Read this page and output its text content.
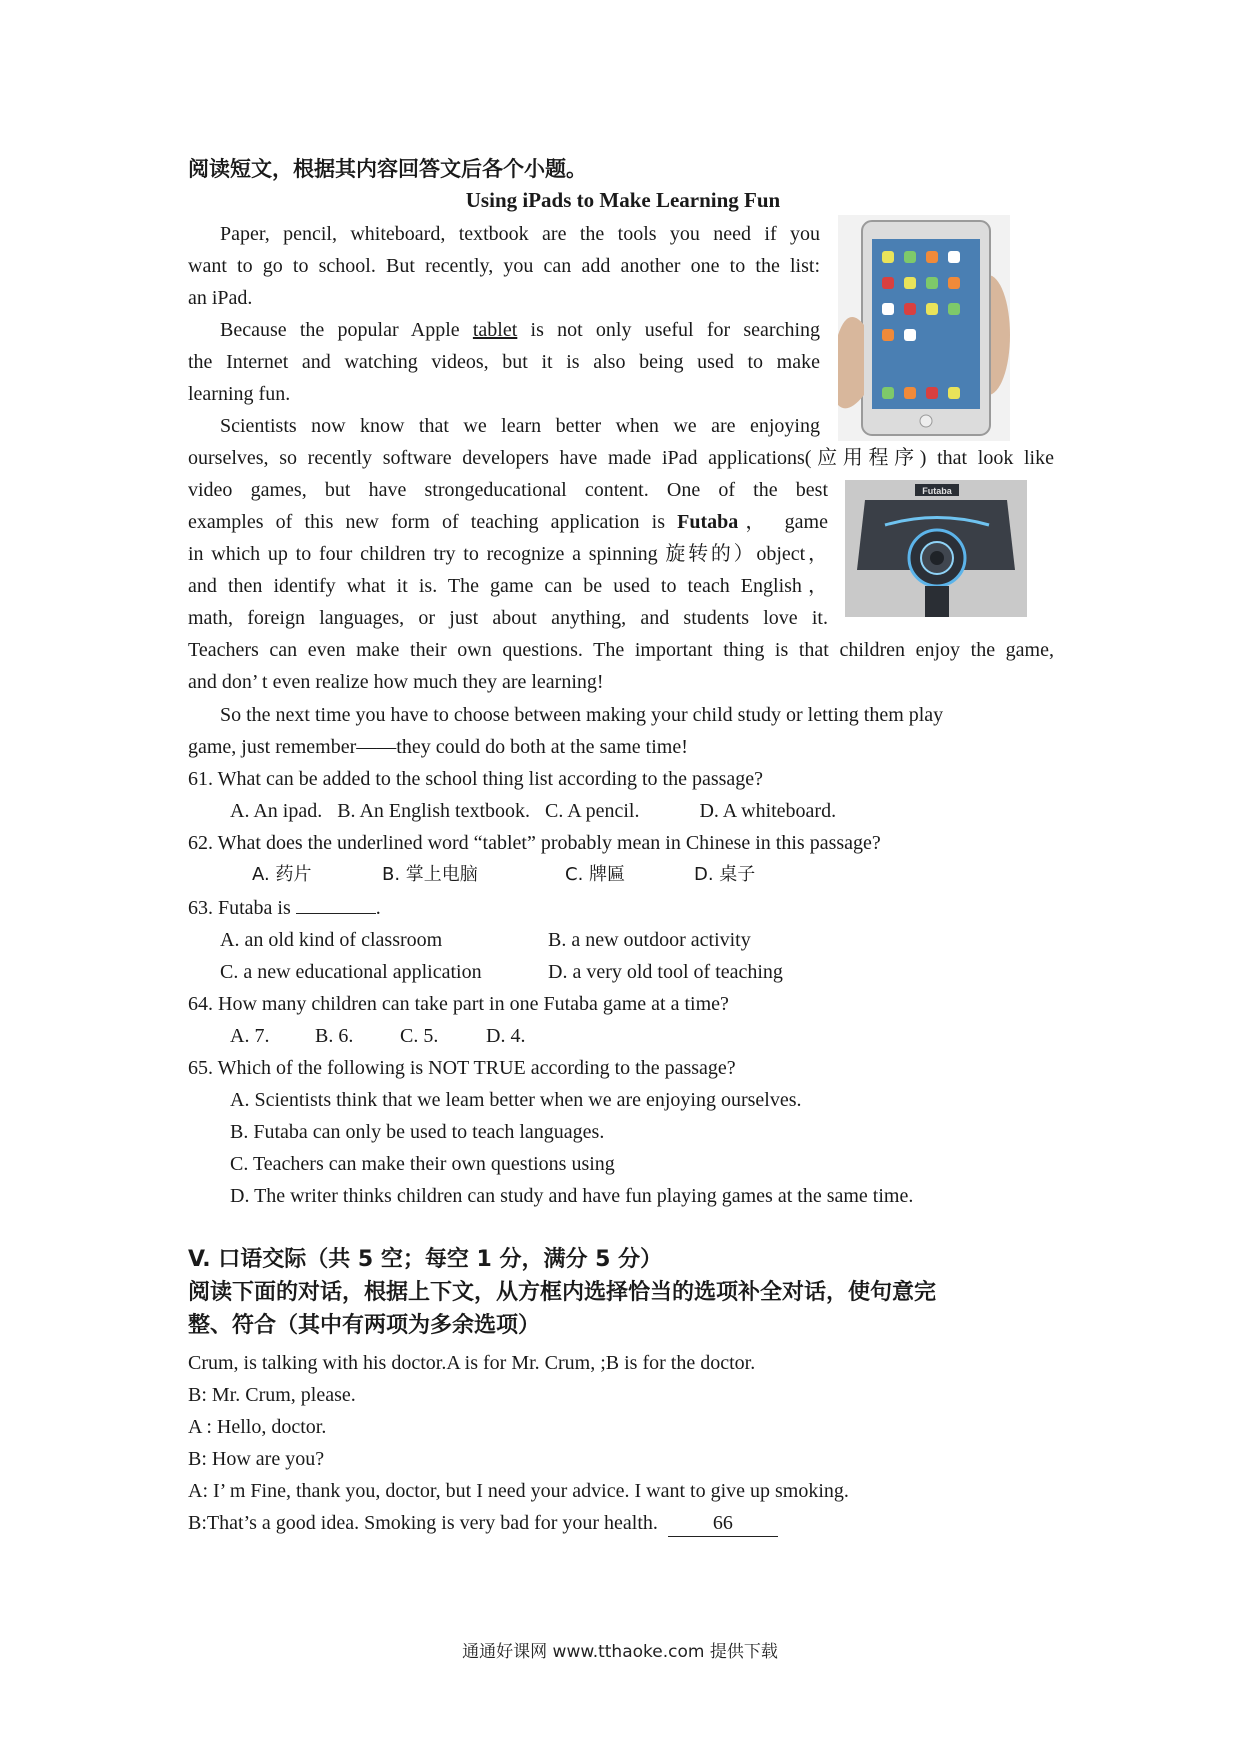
阅读短文，根据其内容回答文后各个小题。
Using iPads to Make Learning Fun
Paper, pencil, whiteboard, textbook are the tools you need if you
want to go to school. But recently, you can add another one to the list:
an iPad.
Because the popular Apple tablet is not only useful for searching
the Internet and watching videos, but it is also being used to make
learning fun.
Scientists now know that we learn better when we are enjoying
ourselves, so recently software developers have made iPad applications(应用程序) that look like
video games, but have strongeducational content. One of the best
examples of this new form of teaching application is Futaba， game
in which up to four children try to recognize a spinning 旋转的）object，
and then identify what it is. The game can be used to teach English，
math, foreign languages, or just about anything, and students love it.
Teachers can even make their own questions. The important thing is that children enjoy the game,
and don’ t even realize how much they are learning!
So the next time you have to choose between making your child study or letting them play
game, just remember——they could do both at the same time!
61. What can be added to the school thing list according to the passage?
A. An ipad.   B. An English textbook.   C. A pencil.            D. A whiteboard.
62. What does the underlined word “tablet” probably mean in Chinese in this passage?
A. 药片	B. 掌上电脑	C. 牌匾	D. 桌子
63. Futaba is	.
A. an old kind of classroom	B. a new outdoor activity
C. a new educational application	D. a very old tool of teaching
64. How many children can take part in one Futaba game at a time?
A. 7. B. 6. C. 5. D. 4.
65. Which of the following is NOT TRUE according to the passage?
A. Scientists think that we leam better when we are enjoying ourselves.
B. Futaba can only be used to teach languages.
C. Teachers can make their own questions using
D. The writer thinks children can study and have fun playing games at the same time.
V. 口语交际（共 5 空；每空 1 分，满分 5 分）
阅读下面的对话，根据上下文，从方框内选择恰当的选项补全对话，使句意完
整、符合（其中有两项为多余选项）
Crum, is talking with his doctor.A is for Mr. Crum, ;B is for the doctor.
B: Mr. Crum, please.
A : Hello, doctor.
B: How are you?
A: I’ m Fine, thank you, doctor, but I need your advice. I want to give up smoking.
B:That’s a good idea. Smoking is very bad for your health.  66
Futaba
通通好课网 www.tthaoke.com 提供下载
